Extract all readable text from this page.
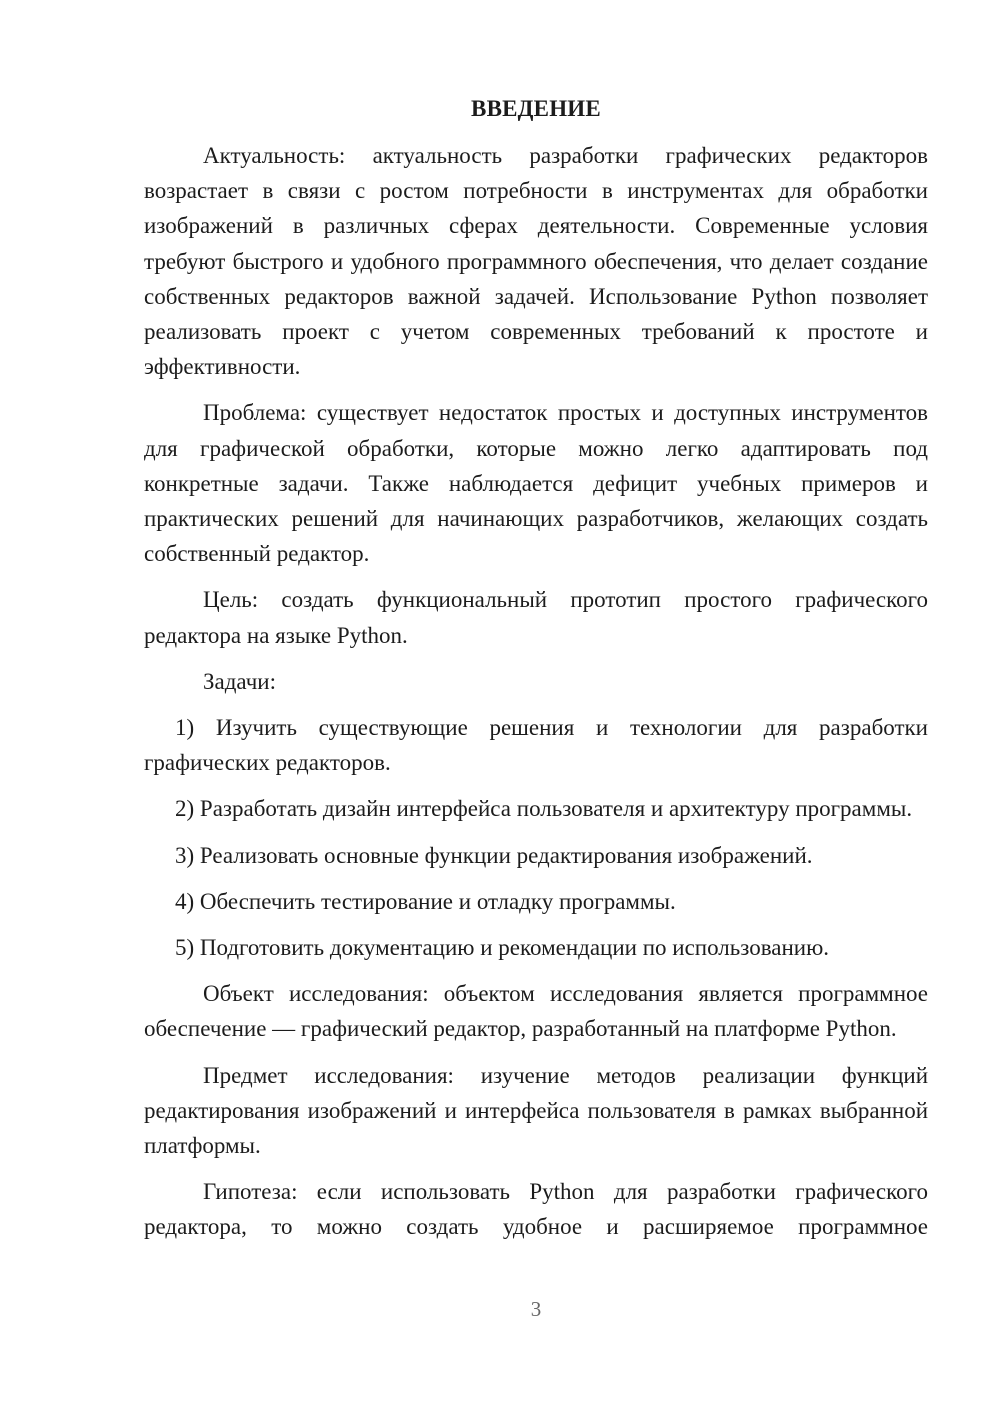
ВВЕДЕНИЕ

Актуальность: актуальность разработки графических редакторов возрастает в связи с ростом потребности в инструментах для обработки изображений в различных сферах деятельности. Современные условия требуют быстрого и удобного программного обеспечения, что делает создание собственных редакторов важной задачей. Использование Python позволяет реализовать проект с учетом современных требований к простоте и эффективности.

Проблема: существует недостаток простых и доступных инструментов для графической обработки, которые можно легко адаптировать под конкретные задачи. Также наблюдается дефицит учебных примеров и практических решений для начинающих разработчиков, желающих создать собственный редактор.

Цель: создать функциональный прототип простого графического редактора на языке Python.

Задачи:

1) Изучить существующие решения и технологии для разработки графических редакторов.

2) Разработать дизайн интерфейса пользователя и архитектуру программы.

3) Реализовать основные функции редактирования изображений.

4) Обеспечить тестирование и отладку программы.

5) Подготовить документацию и рекомендации по использованию.

Объект исследования: объектом исследования является программное обеспечение — графический редактор, разработанный на платформе Python.

Предмет исследования: изучение методов реализации функций редактирования изображений и интерфейса пользователя в рамках выбранной платформы.

Гипотеза: если использовать Python для разработки графического редактора, то можно создать удобное и расширяемое программное

3
